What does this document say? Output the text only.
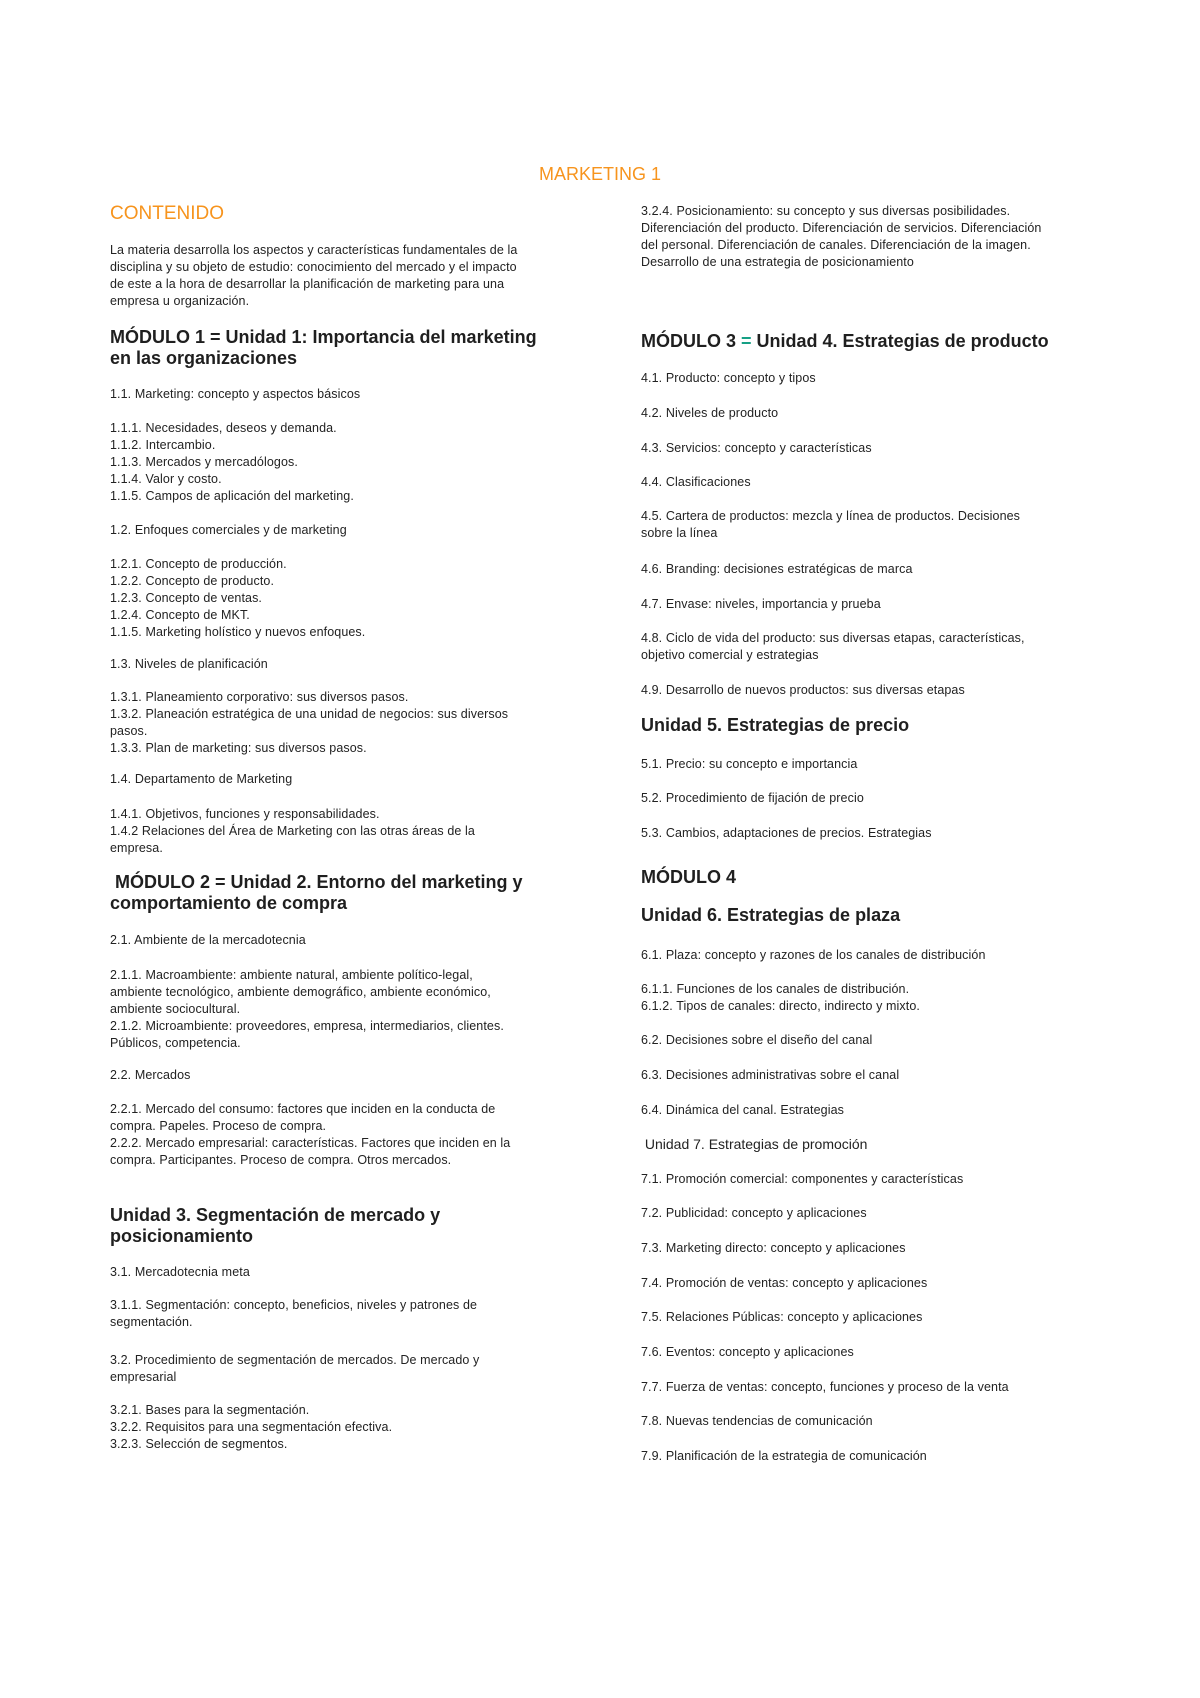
MARKETING 1
CONTENIDO
La materia desarrolla los aspectos y características fundamentales de la
disciplina y su objeto de estudio: conocimiento del mercado y el impacto
de este a la hora de desarrollar la planificación de marketing para una
empresa u organización.
MÓDULO 1 = Unidad 1: Importancia del marketing
en las organizaciones
1.1. Marketing: concepto y aspectos básicos
1.1.1. Necesidades, deseos y demanda.
1.1.2. Intercambio.
1.1.3. Mercados y mercadólogos.
1.1.4. Valor y costo.
1.1.5. Campos de aplicación del marketing.
1.2. Enfoques comerciales y de marketing
1.2.1. Concepto de producción.
1.2.2. Concepto de producto.
1.2.3. Concepto de ventas.
1.2.4. Concepto de MKT.
1.1.5. Marketing holístico y nuevos enfoques.
1.3. Niveles de planificación
1.3.1. Planeamiento corporativo: sus diversos pasos.
1.3.2. Planeación estratégica de una unidad de negocios: sus diversos
pasos.
1.3.3. Plan de marketing: sus diversos pasos.
1.4. Departamento de Marketing
1.4.1. Objetivos, funciones y responsabilidades.
1.4.2 Relaciones del Área de Marketing con las otras áreas de la
empresa.
MÓDULO 2 = Unidad 2. Entorno del marketing y
comportamiento de compra
2.1. Ambiente de la mercadotecnia
2.1.1. Macroambiente: ambiente natural, ambiente político-legal,
ambiente tecnológico, ambiente demográfico, ambiente económico,
ambiente sociocultural.
2.1.2. Microambiente: proveedores, empresa, intermediarios, clientes.
Públicos, competencia.
2.2. Mercados
2.2.1. Mercado del consumo: factores que inciden en la conducta de
compra. Papeles. Proceso de compra.
2.2.2. Mercado empresarial: características. Factores que inciden en la
compra. Participantes. Proceso de compra. Otros mercados.
Unidad 3. Segmentación de mercado y
posicionamiento
3.1. Mercadotecnia meta
3.1.1. Segmentación: concepto, beneficios, niveles y patrones de
segmentación.
3.2. Procedimiento de segmentación de mercados. De mercado y
empresarial
3.2.1. Bases para la segmentación.
3.2.2. Requisitos para una segmentación efectiva.
3.2.3. Selección de segmentos.
3.2.4. Posicionamiento: su concepto y sus diversas posibilidades.
Diferenciación del producto. Diferenciación de servicios. Diferenciación
del personal. Diferenciación de canales. Diferenciación de la imagen.
Desarrollo de una estrategia de posicionamiento
MÓDULO 3 = Unidad 4. Estrategias de producto
4.1. Producto: concepto y tipos
4.2. Niveles de producto
4.3. Servicios: concepto y características
4.4. Clasificaciones
4.5. Cartera de productos: mezcla y línea de productos. Decisiones
sobre la línea
4.6. Branding: decisiones estratégicas de marca
4.7. Envase: niveles, importancia y prueba
4.8. Ciclo de vida del producto: sus diversas etapas, características,
objetivo comercial y estrategias
4.9. Desarrollo de nuevos productos: sus diversas etapas
Unidad 5. Estrategias de precio
5.1. Precio: su concepto e importancia
5.2. Procedimiento de fijación de precio
5.3. Cambios, adaptaciones de precios. Estrategias
MÓDULO 4
Unidad 6. Estrategias de plaza
6.1. Plaza: concepto y razones de los canales de distribución
6.1.1. Funciones de los canales de distribución.
6.1.2. Tipos de canales: directo, indirecto y mixto.
6.2. Decisiones sobre el diseño del canal
6.3. Decisiones administrativas sobre el canal
6.4. Dinámica del canal. Estrategias
Unidad 7. Estrategias de promoción
7.1. Promoción comercial: componentes y características
7.2. Publicidad: concepto y aplicaciones
7.3. Marketing directo: concepto y aplicaciones
7.4. Promoción de ventas: concepto y aplicaciones
7.5. Relaciones Públicas: concepto y aplicaciones
7.6. Eventos: concepto y aplicaciones
7.7. Fuerza de ventas: concepto, funciones y proceso de la venta
7.8. Nuevas tendencias de comunicación
7.9. Planificación de la estrategia de comunicación
